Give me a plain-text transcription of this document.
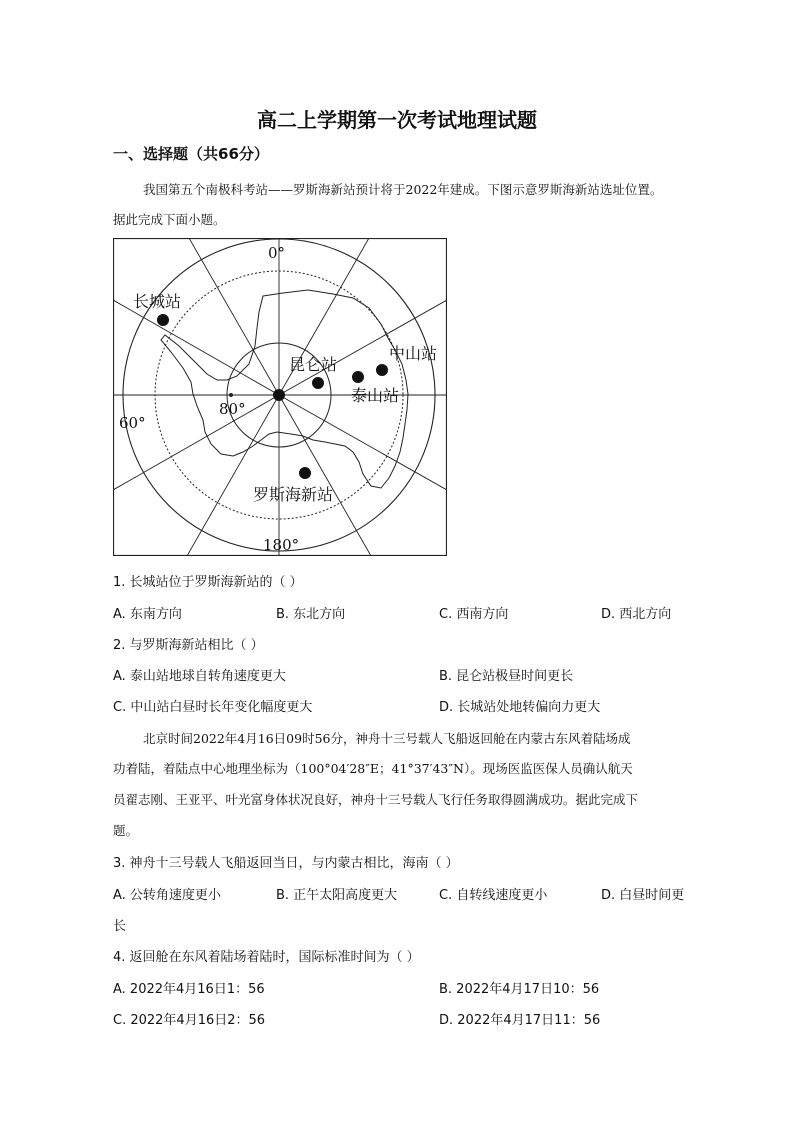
高二上学期第一次考试地理试题
一、选择题（共66分）
我国第五个南极科考站——罗斯海新站预计将于2022年建成。下图示意罗斯海新站选址位置。
据此完成下面小题。
0°
180°
60°
80°
长城站
昆仑站
中山站
泰山站
罗斯海新站
1. 长城站位于罗斯海新站的（ ）
A. 东南方向	B. 东北方向	C. 西南方向	D. 西北方向
2. 与罗斯海新站相比（ ）
A. 泰山站地球自转角速度更大	B. 昆仑站极昼时间更长
C. 中山站白昼时长年变化幅度更大	D. 长城站处地转偏向力更大
北京时间2022年4月16日09时56分，神舟十三号载人飞船返回舱在内蒙古东风着陆场成
功着陆，着陆点中心地理坐标为（100°04′28″E；41°37′43″N）。现场医监医保人员确认航天
员翟志刚、王亚平、叶光富身体状况良好，神舟十三号载人飞行任务取得圆满成功。据此完成下
题。
3. 神舟十三号载人飞船返回当日，与内蒙古相比，海南（ ）
A. 公转角速度更小	B. 正午太阳高度更大	C. 自转线速度更小	D. 白昼时间更
长
4. 返回舱在东风着陆场着陆时，国际标准时间为（ ）
A. 2022年4月16日1：56	B. 2022年4月17日10：56
C. 2022年4月16日2：56	D. 2022年4月17日11：56
